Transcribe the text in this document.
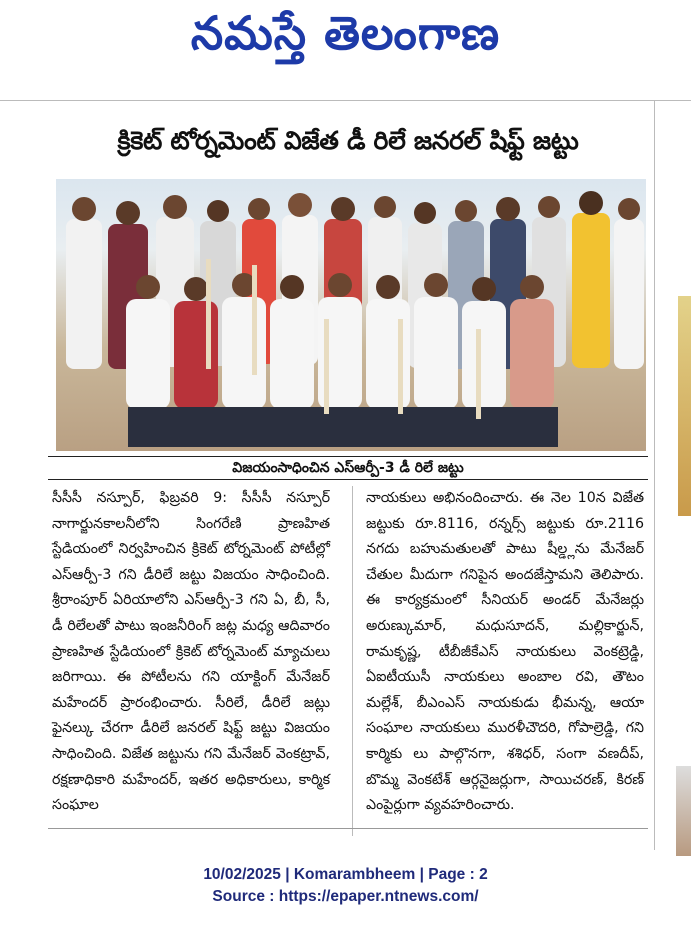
నమస్తే తెలంగాణ
క్రికెట్ టోర్నమెంట్ విజేత డీ రిలే జనరల్ షిఫ్ట్ జట్టు
విజయంసాధించిన ఎస్ఆర్పీ-3 డీ రిలే జట్టు

సీసీసీ నస్పూర్, ఫిబ్రవరి 9: సీసీసీ నస్పూర్ నాగార్జునకాలనీలోని సింగరేణి ప్రాణహిత స్టేడియంలో నిర్వహించిన క్రికెట్ టోర్నమెంట్ పోటీల్లో ఎస్ఆర్పీ-3 గని డీరిలే జట్టు విజయం సాధించింది. శ్రీరాంపూర్ ఏరియాలోని ఎస్ఆర్పీ-3 గని ఏ, బీ, సీ, డీ రిలేలతో పాటు ఇంజనీరింగ్ జట్ల మధ్య ఆదివారం ప్రాణహిత స్టేడియంలో క్రికెట్ టోర్నమెంట్ మ్యాచులు జరిగాయి. ఈ పోటీలను గని యాక్టింగ్ మేనేజర్ మహేందర్ ప్రారంభించారు. సీరిలే, డీరిలే జట్లు ఫైనల్కు చేరగా డీరిలే జనరల్ షిఫ్ట్ జట్టు విజయం సాధించింది. విజేత జట్టును గని మేనేజర్ వెంకట్రావ్, రక్షణాధికారి మహేందర్, ఇతర అధికారులు, కార్మిక సంఘాల

నాయకులు అభినందించారు. ఈ నెల 10న విజేత జట్టుకు రూ.8116, రన్నర్స్ జట్టుకు రూ.2116 నగదు బహుమతులతో పాటు షీల్డ్లను మేనేజర్ చేతుల మీదుగా గనిపైన అందజేస్తామని తెలిపారు. ఈ కార్యక్రమంలో సీనియర్ అండర్ మేనేజర్లు అరుణ్కుమార్, మధుసూదన్, మల్లికార్జున్, రామకృష్ణ, టీబీజీకేఎస్ నాయకులు వెంకట్రెడ్డి, ఏఐటీయుసీ నాయకులు అంబాల రవి, తౌటం మల్లేశ్, బీఎంఎస్ నాయకుడు భీమన్న, ఆయా సంఘాల నాయకులు మురళీచౌదరి, గోపాల్రెడ్డి, గని కార్మికు లు పాల్గొనగా, శశిధర్, సంగా వణదీప్, బొమ్మ వెంకటేశ్ ఆర్గనైజర్లుగా, సాయిచరణ్, కిరణ్ ఎంపైర్లుగా వ్యవహరించారు.

10/02/2025 | Komarambheem | Page : 2
Source : https://epaper.ntnews.com/
